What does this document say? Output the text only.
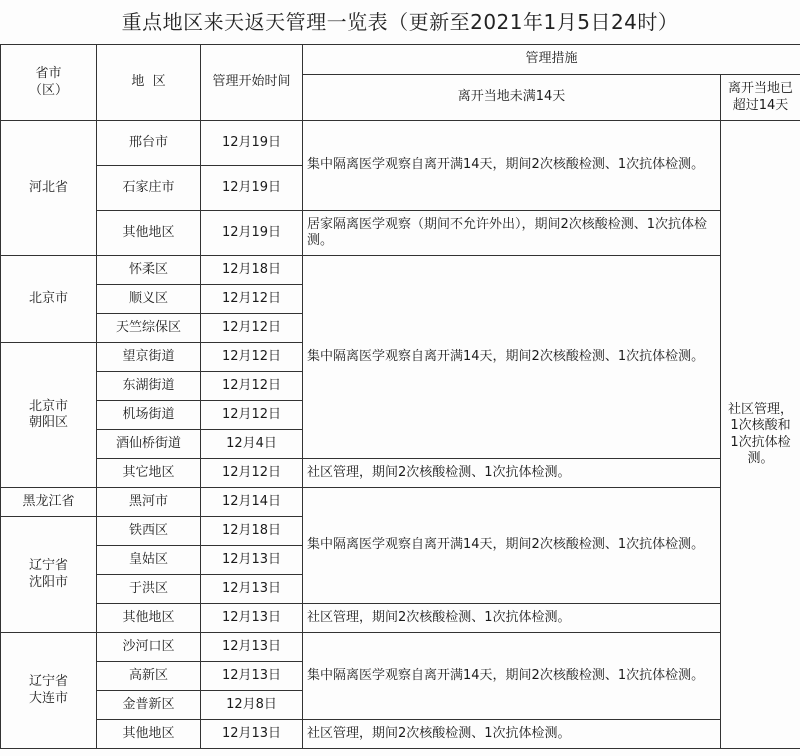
重点地区来天返天管理一览表（更新至2021年1月5日24时）
省市
（区）	地  区	管理开始时间	管理措施	
			离开当地未满14天	离开当地已超过14天
河北省	邢台市	12月19日	集中隔离医学观察自离开满14天，期间2次核酸检测、1次抗体检测。	社区管理，1次核酸和1次抗体检测。
	石家庄市	12月19日		
	其他地区	12月19日	居家隔离医学观察（期间不允许外出），期间2次核酸检测、1次抗体检测。	
北京市	怀柔区	12月18日	集中隔离医学观察自离开满14天，期间2次核酸检测、1次抗体检测。	
	顺义区	12月12日		
	天竺综保区	12月12日		
北京市
朝阳区	望京街道	12月12日		
	东湖街道	12月12日		
	机场街道	12月12日		
	酒仙桥街道	12月4日		
	其它地区	12月12日	社区管理，期间2次核酸检测、1次抗体检测。	
黑龙江省	黑河市	12月14日	集中隔离医学观察自离开满14天，期间2次核酸检测、1次抗体检测。	
辽宁省
沈阳市	铁西区	12月18日		
	皇姑区	12月13日		
	于洪区	12月13日		
	其他地区	12月13日	社区管理，期间2次核酸检测、1次抗体检测。	
辽宁省
大连市	沙河口区	12月13日	集中隔离医学观察自离开满14天，期间2次核酸检测、1次抗体检测。	
	高新区	12月13日		
	金普新区	12月8日		
	其他地区	12月13日	社区管理，期间2次核酸检测、1次抗体检测。	
